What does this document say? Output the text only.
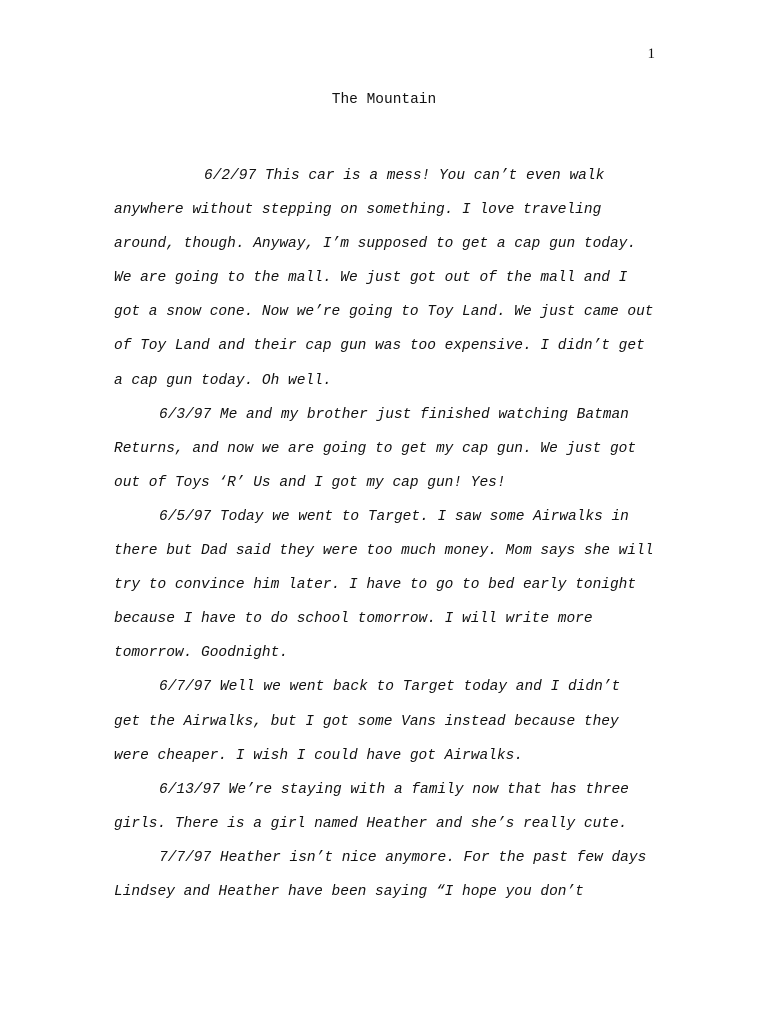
1
The Mountain

6/2/97 This car is a mess! You can’t even walk anywhere without stepping on something. I love traveling around, though. Anyway, I’m supposed to get a cap gun today. We are going to the mall. We just got out of the mall and I got a snow cone. Now we’re going to Toy Land. We just came out of Toy Land and their cap gun was too expensive. I didn’t get a cap gun today. Oh well.

6/3/97 Me and my brother just finished watching Batman Returns, and now we are going to get my cap gun. We just got out of Toys ‘R’ Us and I got my cap gun! Yes!

6/5/97 Today we went to Target. I saw some Airwalks in there but Dad said they were too much money. Mom says she will try to convince him later. I have to go to bed early tonight because I have to do school tomorrow. I will write more tomorrow. Goodnight.

6/7/97 Well we went back to Target today and I didn’t get the Airwalks, but I got some Vans instead because they were cheaper. I wish I could have got Airwalks.

6/13/97 We’re staying with a family now that has three girls. There is a girl named Heather and she’s really cute.

7/7/97 Heather isn’t nice anymore. For the past few days Lindsey and Heather have been saying “I hope you don’t
